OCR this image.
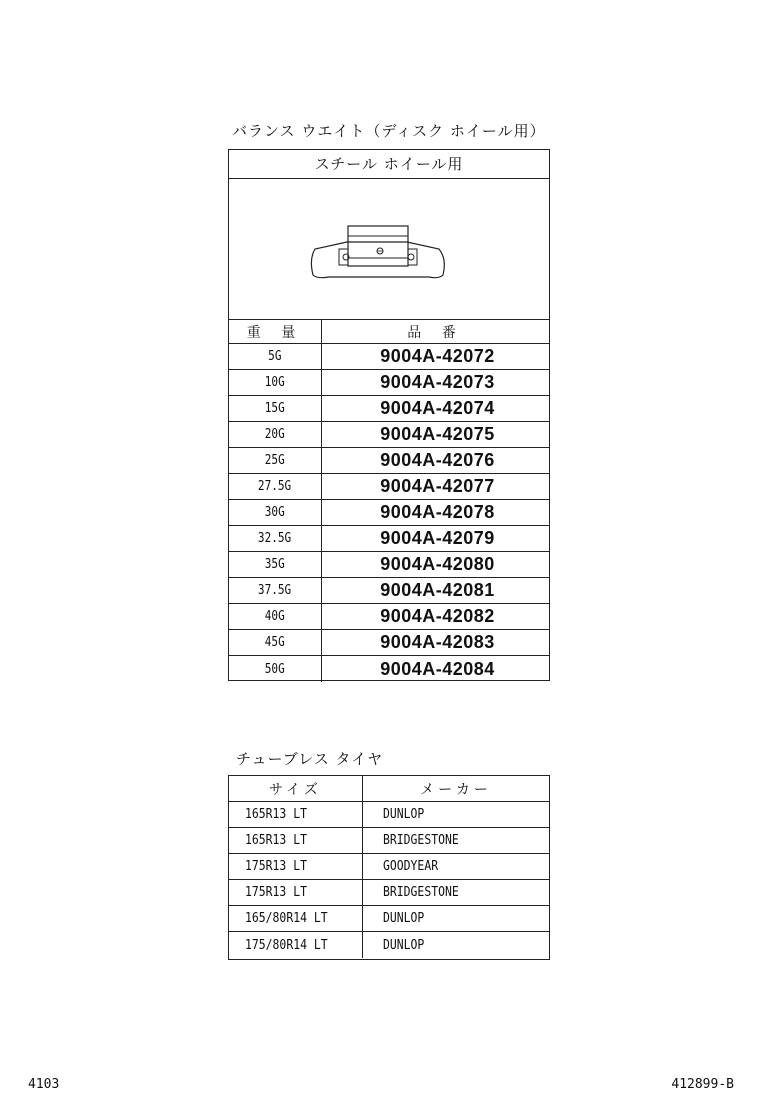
バランス ウエイト（ディスク ホイール用）
スチール ホイール用
重 量	品 番
5G	9004A-42072
10G	9004A-42073
15G	9004A-42074
20G	9004A-42075
25G	9004A-42076
27.5G	9004A-42077
30G	9004A-42078
32.5G	9004A-42079
35G	9004A-42080
37.5G	9004A-42081
40G	9004A-42082
45G	9004A-42083
50G	9004A-42084
チューブレス タイヤ
サイズ	メーカー
165R13 LT	DUNLOP
165R13 LT	BRIDGESTONE
175R13 LT	GOODYEAR
175R13 LT	BRIDGESTONE
165/80R14 LT	DUNLOP
175/80R14 LT	DUNLOP
4103	412899-B
